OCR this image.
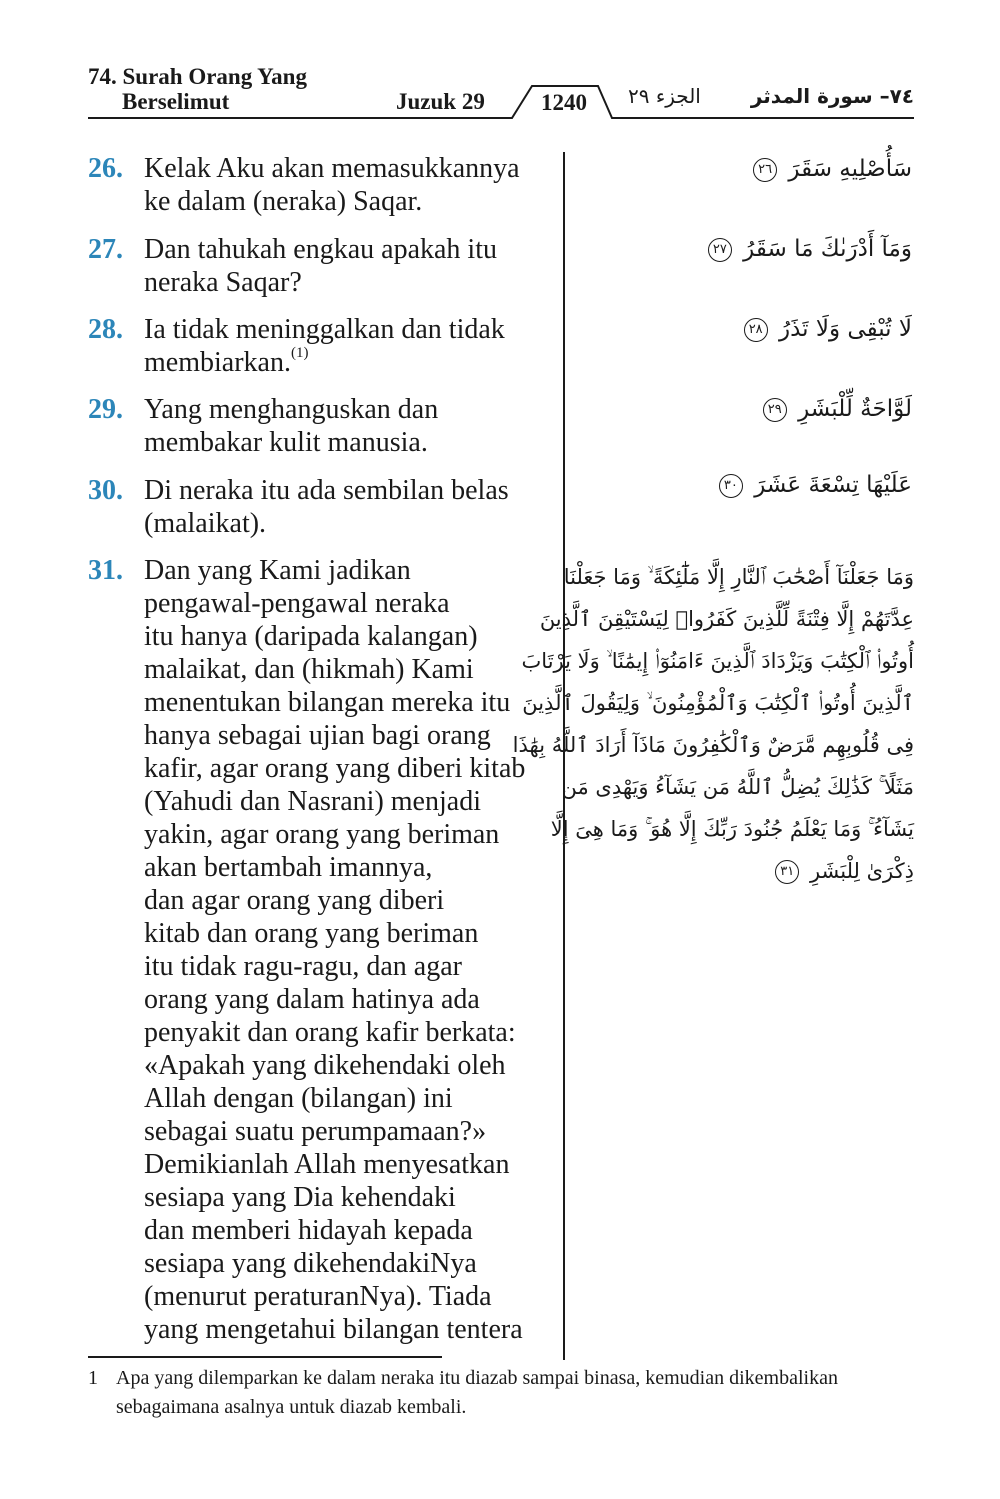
74. Surah Orang Yang
Berselimut	Juzuk 29 1240 الجزء ٢٩	٧٤– سورة المدثر
26. Kelak Aku akan memasukkannya
ke dalam (neraka) Saqar.
27. Dan tahukah engkau apakah itu
neraka Saqar?
28. Ia tidak meninggalkan dan tidak
membiarkan.$^{(1)}$
29. Yang menghanguskan dan
membakar kulit manusia.
30. Di neraka itu ada sembilan belas
(malaikat).
31. Dan yang Kami jadikan
pengawal-pengawal neraka
itu hanya (daripada kalangan)
malaikat, dan (hikmah) Kami
menentukan bilangan mereka itu
hanya sebagai ujian bagi orang
kafir, agar orang yang diberi kitab
(Yahudi dan Nasrani) menjadi
yakin, agar orang yang beriman
akan bertambah imannya,
dan agar orang yang diberi
kitab dan orang yang beriman
itu tidak ragu-ragu, dan agar
orang yang dalam hatinya ada
penyakit dan orang kafir berkata:
«Apakah yang dikehendaki oleh
Allah dengan (bilangan) ini
sebagai suatu perumpamaan?»
Demikianlah Allah menyesatkan
sesiapa yang Dia kehendaki
dan memberi hidayah kepada
sesiapa yang dikehendakiNya
(menurut peraturanNya). Tiada
yang mengetahui bilangan tentera
سَأُصْلِيهِ سَقَرَ ٢٦
وَمَآ أَدْرَىٰكَ مَا سَقَرُ ٢٧
لَا تُبْقِى وَلَا تَذَرُ ٢٨
لَوَّاحَةٌ لِّلْبَشَرِ ٢٩
عَلَيْهَا تِسْعَةَ عَشَرَ ٣٠
وَمَا جَعَلْنَآ أَصْحَٰبَ ٱلنَّارِ إِلَّا مَلَٰٓئِكَةً ۙ وَمَا جَعَلْنَا
عِدَّتَهُمْ إِلَّا فِتْنَةً لِّلَّذِينَ كَفَرُوا۟ لِيَسْتَيْقِنَ ٱلَّذِينَ
أُوتُوا۟ ٱلْكِتَٰبَ وَيَزْدَادَ ٱلَّذِينَ ءَامَنُوٓا۟ إِيمَٰنًا ۙ وَلَا يَرْتَابَ
ٱلَّذِينَ أُوتُوا۟ ٱلْكِتَٰبَ وَٱلْمُؤْمِنُونَ ۙ وَلِيَقُولَ ٱلَّذِينَ
فِى قُلُوبِهِم مَّرَضٌ وَٱلْكَٰفِرُونَ مَاذَآ أَرَادَ ٱللَّهُ بِهَٰذَا
مَثَلًا ۚ كَذَٰلِكَ يُضِلُّ ٱللَّهُ مَن يَشَآءُ وَيَهْدِى مَن
يَشَآءُ ۚ وَمَا يَعْلَمُ جُنُودَ رَبِّكَ إِلَّا هُوَ ۚ وَمَا هِىَ إِلَّا
ذِكْرَىٰ لِلْبَشَرِ ٣١
1 Apa yang dilemparkan ke dalam neraka itu diazab sampai binasa, kemudian dikembalikan
sebagaimana asalnya untuk diazab kembali.
